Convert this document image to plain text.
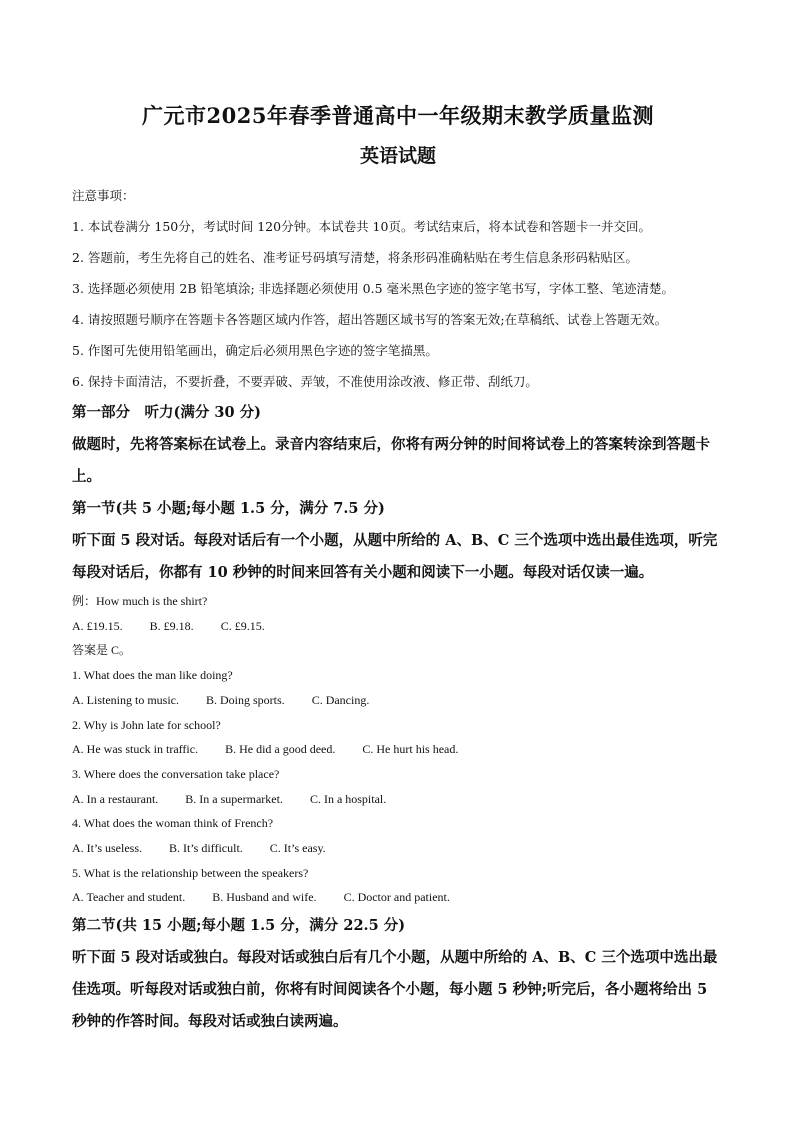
广元市2025年春季普通高中一年级期末教学质量监测
英语试题

注意事项：

1. 本试卷满分 150分，考试时间 120分钟。本试卷共 10页。考试结束后，将本试卷和答题卡一并交回。

2. 答题前，考生先将自己的姓名、准考证号码填写清楚，将条形码准确粘贴在考生信息条形码粘贴区。

3. 选择题必须使用 2B 铅笔填涂; 非选择题必须使用 0.5 毫米黑色字迹的签字笔书写，字体工整、笔迹清楚。

4. 请按照题号顺序在答题卡各答题区域内作答，超出答题区域书写的答案无效;在草稿纸、试卷上答题无效。

5. 作图可先使用铅笔画出，确定后必须用黑色字迹的签字笔描黑。

6. 保持卡面清洁，不要折叠，不要弄破、弄皱，不准使用涂改液、修正带、刮纸刀。

第一部分　听力(满分 30 分)

做题时，先将答案标在试卷上。录音内容结束后，你将有两分钟的时间将试卷上的答案转涂到答题卡上。

第一节(共 5 小题;每小题 1.5 分，满分 7.5 分)

听下面 5 段对话。每段对话后有一个小题，从题中所给的 A、B、C 三个选项中选出最佳选项，听完每段对话后，你都有 10 秒钟的时间来回答有关小题和阅读下一小题。每段对话仅读一遍。

例：How much is the shirt?

A. £19.15. B. £9.18. C. £9.15.

答案是 C。

1. What does the man like doing?

A. Listening to music. B. Doing sports. C. Dancing.

2. Why is John late for school?

A. He was stuck in traffic. B. He did a good deed. C. He hurt his head.

3. Where does the conversation take place?

A. In a restaurant. B. In a supermarket. C. In a hospital.

4. What does the woman think of French?

A. It’s useless. B. It’s difficult. C. It’s easy.

5. What is the relationship between the speakers?

A. Teacher and student. B. Husband and wife. C. Doctor and patient.

第二节(共 15 小题;每小题 1.5 分，满分 22.5 分)

听下面 5 段对话或独白。每段对话或独白后有几个小题，从题中所给的 A、B、C 三个选项中选出最佳选项。听每段对话或独白前，你将有时间阅读各个小题，每小题 5 秒钟;听完后，各小题将给出 5 秒钟的作答时间。每段对话或独白读两遍。
